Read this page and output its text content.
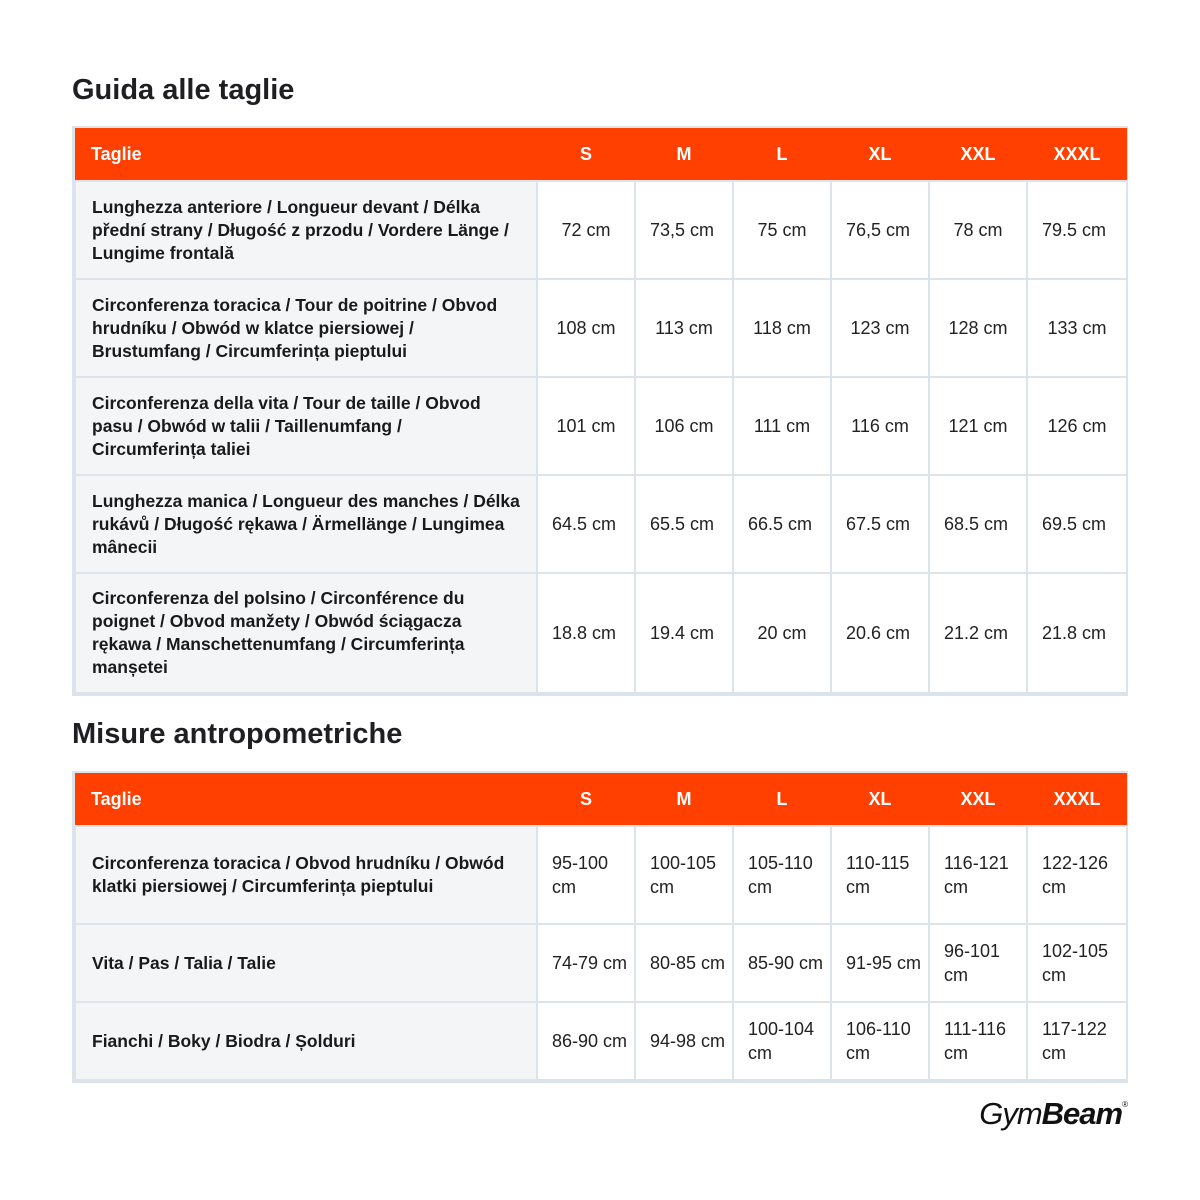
Guida alle taglie
Taglie	S	M	L	XL	XXL	XXXL
Lunghezza anteriore / Longueur devant / Délka přední strany / Długość z przodu / Vordere Länge / Lungime frontală	72 cm	73,5 cm	75 cm	76,5 cm	78 cm	79.5 cm
Circonferenza toracica / Tour de poitrine / Obvod hrudníku / Obwód w klatce piersiowej / Brustumfang / Circumferința pieptului	108 cm	113 cm	118 cm	123 cm	128 cm	133 cm
Circonferenza della vita / Tour de taille / Obvod pasu / Obwód w talii / Taillenumfang / Circumferința taliei	101 cm	106 cm	111 cm	116 cm	121 cm	126 cm
Lunghezza manica / Longueur des manches / Délka rukávů / Długość rękawa / Ärmellänge / Lungimea mânecii	64.5 cm	65.5 cm	66.5 cm	67.5 cm	68.5 cm	69.5 cm
Circonferenza del polsino / Circonférence du poignet / Obvod manžety / Obwód ściągacza rękawa / Manschettenumfang / Circumferința manșetei	18.8 cm	19.4 cm	20 cm	20.6 cm	21.2 cm	21.8 cm
Misure antropometriche
Taglie	S	M	L	XL	XXL	XXXL
Circonferenza toracica / Obvod hrudníku / Obwód klatki piersiowej / Circumferința pieptului	95-100 cm	100-105 cm	105-110 cm	110-115 cm	116-121 cm	122-126 cm
Vita / Pas / Talia / Talie	74-79 cm	80-85 cm	85-90 cm	91-95 cm	96-101 cm	102-105 cm
Fianchi / Boky / Biodra / Șolduri	86-90 cm	94-98 cm	100-104 cm	106-110 cm	111-116 cm	117-122 cm
GymBeam®
